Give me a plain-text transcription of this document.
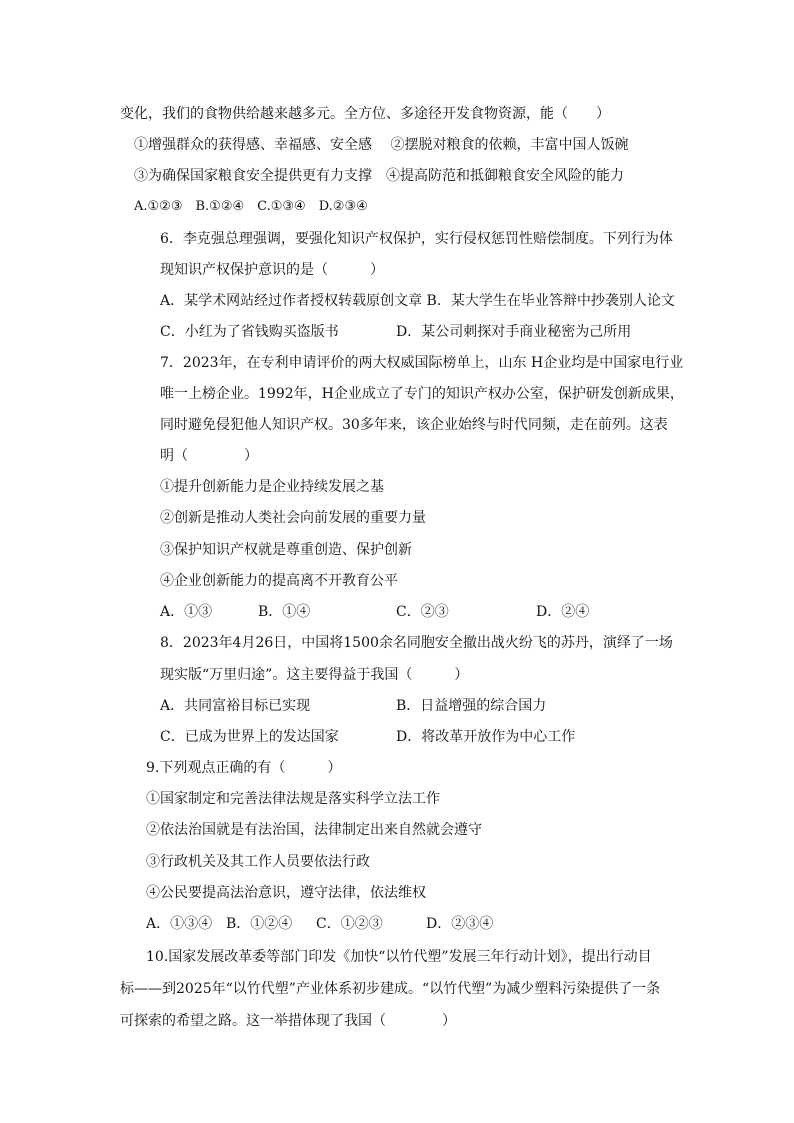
变化，我们的食物供给越来越多元。全方位、多途径开发食物资源，能（　　）
①增强群众的获得感、幸福感、安全感　 ②摆脱对粮食的依赖，丰富中国人饭碗
③为确保国家粮食安全提供更有力支撑　④提高防范和抵御粮食安全风险的能力
A.①②③　B.①②④　C.①③④　D.②③④
6．李克强总理强调，要强化知识产权保护，实行侵权惩罚性赔偿制度。下列行为体
现知识产权保护意识的是（　　　）
A．某学术网站经过作者授权转载原创文章 B．某大学生在毕业答辩中抄袭别人论文
C．小红为了省钱购买盗版书	D．某公司刺探对手商业秘密为己所用
7．2023年，在专利申请评价的两大权威国际榜单上，山东 H企业均是中国家电行业
唯一上榜企业。1992年，H企业成立了专门的知识产权办公室，保护研发创新成果，
同时避免侵犯他人知识产权。30多年来，该企业始终与时代同频，走在前列。这表
明（　　　　）
①提升创新能力是企业持续发展之基
②创新是推动人类社会向前发展的重要力量
③保护知识产权就是尊重创造、保护创新
④企业创新能力的提高离不开教育公平
A．①③	B．①④	C．②③	D．②④
8．2023年4月26日，中国将1500余名同胞安全撤出战火纷飞的苏丹，演绎了一场
现实版“万里归途”。这主要得益于我国（　　　）
A．共同富裕目标已实现	B．日益增强的综合国力
C．已成为世界上的发达国家	D．将改革开放作为中心工作
9.下列观点正确的有（　　　）
①国家制定和完善法律法规是落实科学立法工作
②依法治国就是有法治国，法律制定出来自然就会遵守
③行政机关及其工作人员要依法行政
④公民要提高法治意识，遵守法律，依法维权
A．①③④ B．①②④ C．①②③	D．②③④
10.国家发展改革委等部门印发《加快“以竹代塑”发展三年行动计划》，提出行动目
标——到2025年“以竹代塑”产业体系初步建成。“以竹代塑”为减少塑料污染提供了一条
可探索的希望之路。这一举措体现了我国（　　　　）
